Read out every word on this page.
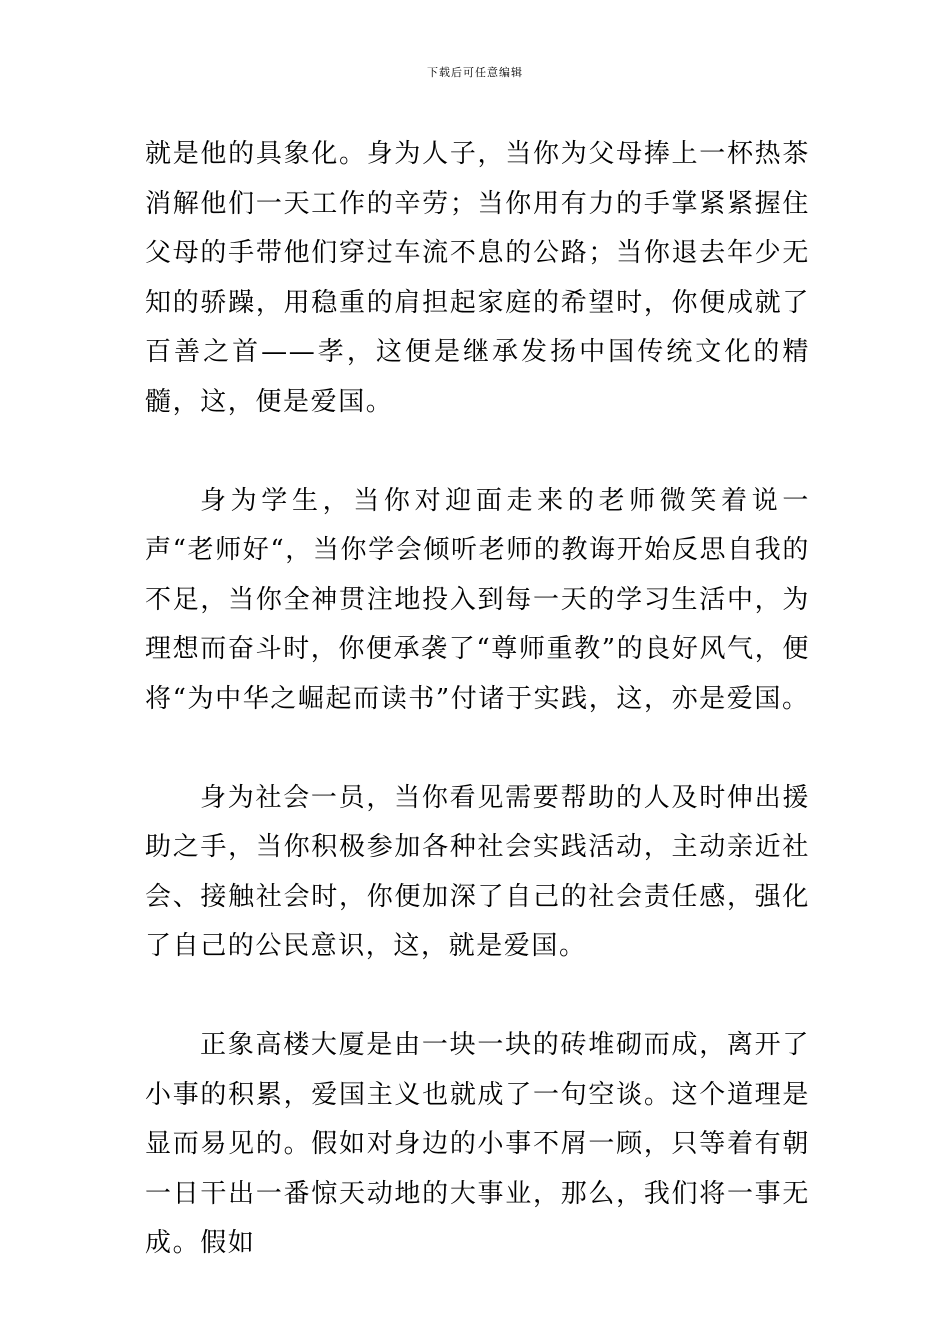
下载后可任意编辑

就是他的具象化。身为人子，当你为父母捧上一杯热茶消解他们一天工作的辛劳；当你用有力的手掌紧紧握住父母的手带他们穿过车流不息的公路；当你退去年少无知的骄躁，用稳重的肩担起家庭的希望时，你便成就了百善之首——孝，这便是继承发扬中国传统文化的精髓，这，便是爱国。

身为学生，当你对迎面走来的老师微笑着说一声“老师好“，当你学会倾听老师的教诲开始反思自我的不足，当你全神贯注地投入到每一天的学习生活中，为理想而奋斗时，你便承袭了“尊师重教”的良好风气，便将“为中华之崛起而读书”付诸于实践，这，亦是爱国。

身为社会一员，当你看见需要帮助的人及时伸出援助之手，当你积极参加各种社会实践活动，主动亲近社会、接触社会时，你便加深了自己的社会责任感，强化了自己的公民意识，这，就是爱国。

正象高楼大厦是由一块一块的砖堆砌而成，离开了小事的积累，爱国主义也就成了一句空谈。这个道理是显而易见的。假如对身边的小事不屑一顾，只等着有朝一日干出一番惊天动地的大事业，那么，我们将一事无成。假如
